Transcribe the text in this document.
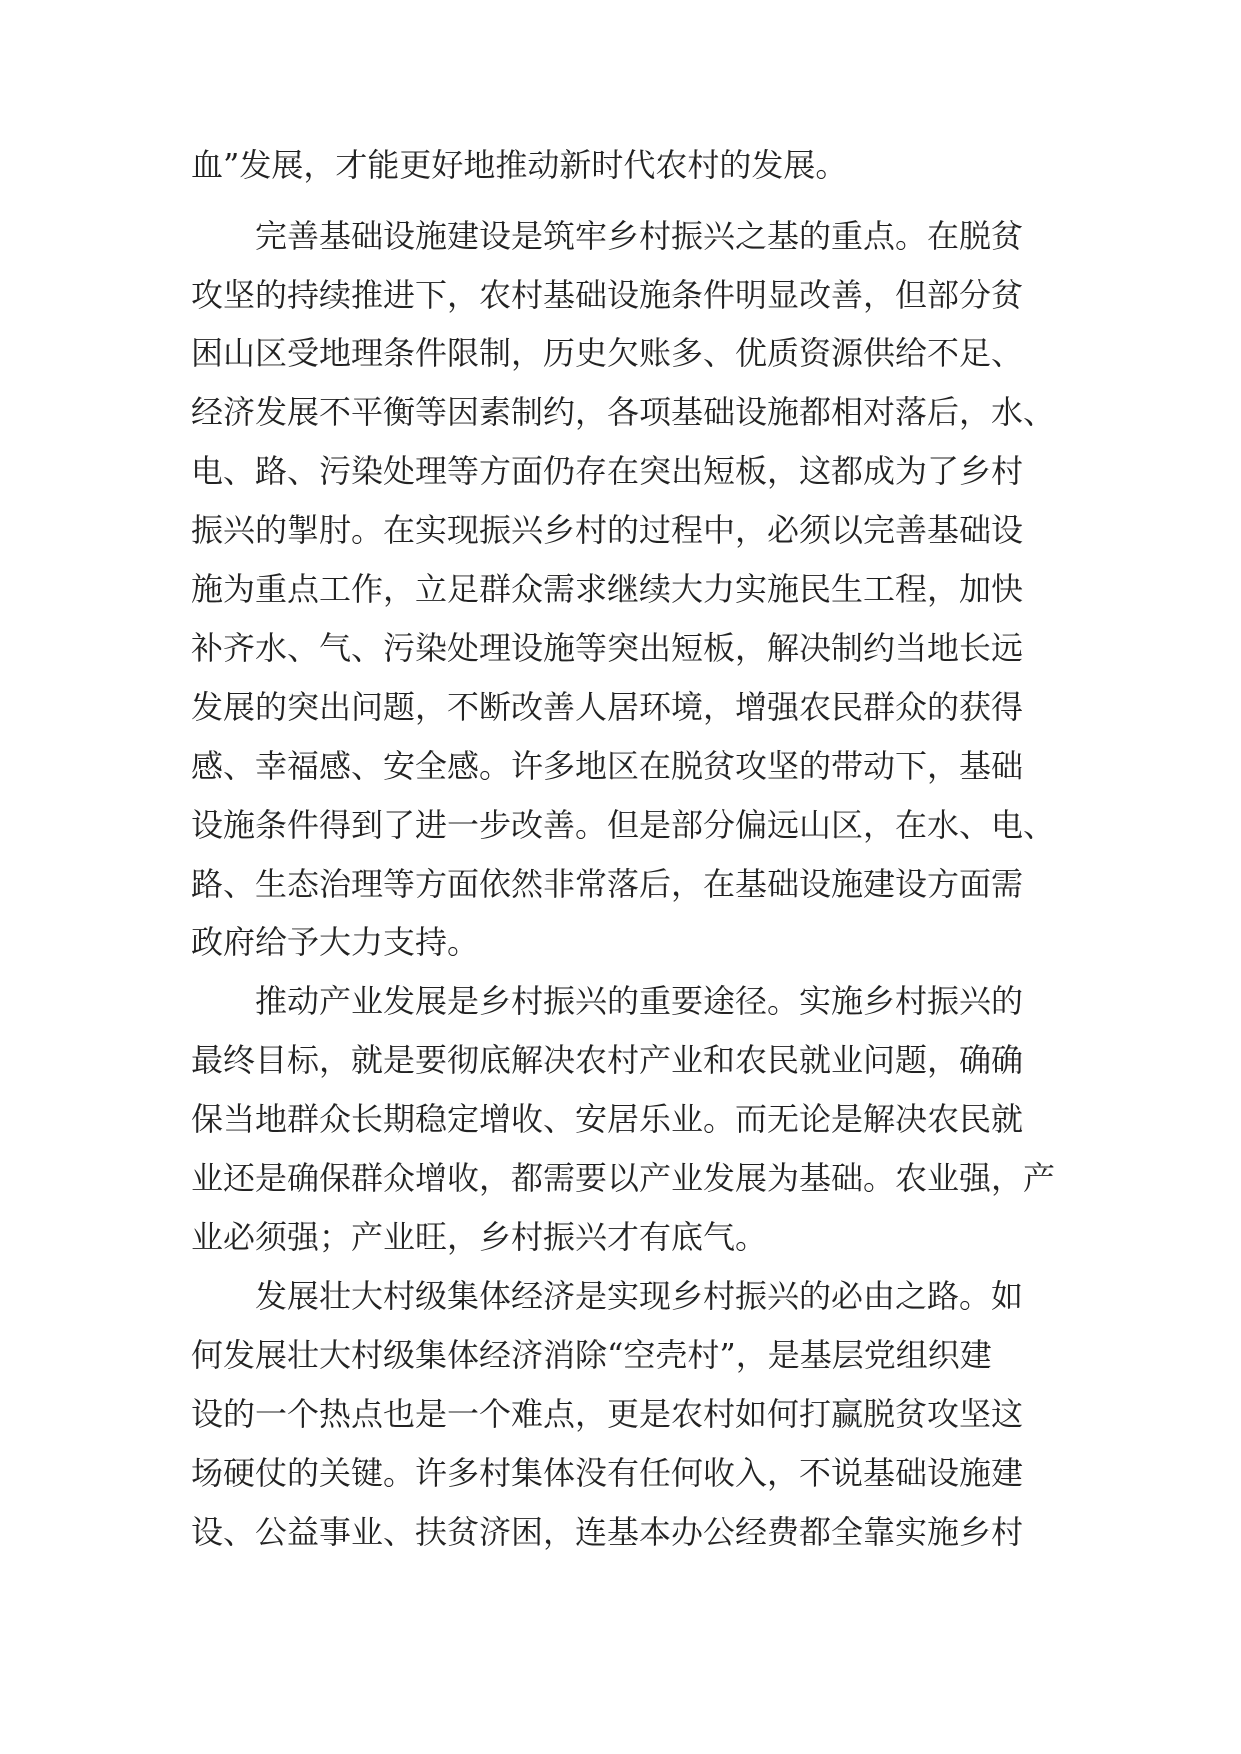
血”发展，才能更好地推动新时代农村的发展。

　　完善基础设施建设是筑牢乡村振兴之基的重点。在脱贫

攻坚的持续推进下，农村基础设施条件明显改善，但部分贫

困山区受地理条件限制，历史欠账多、优质资源供给不足、

经济发展不平衡等因素制约，各项基础设施都相对落后，水、

电、路、污染处理等方面仍存在突出短板，这都成为了乡村

振兴的掣肘。在实现振兴乡村的过程中，必须以完善基础设

施为重点工作，立足群众需求继续大力实施民生工程，加快

补齐水、气、污染处理设施等突出短板，解决制约当地长远

发展的突出问题，不断改善人居环境，增强农民群众的获得

感、幸福感、安全感。许多地区在脱贫攻坚的带动下，基础

设施条件得到了进一步改善。但是部分偏远山区，在水、电、

路、生态治理等方面依然非常落后，在基础设施建设方面需

政府给予大力支持。

　　推动产业发展是乡村振兴的重要途径。实施乡村振兴的

最终目标，就是要彻底解决农村产业和农民就业问题，确确

保当地群众长期稳定增收、安居乐业。而无论是解决农民就

业还是确保群众增收，都需要以产业发展为基础。农业强，产

业必须强；产业旺，乡村振兴才有底气。

　　发展壮大村级集体经济是实现乡村振兴的必由之路。如

何发展壮大村级集体经济消除“空壳村”，是基层党组织建

设的一个热点也是一个难点，更是农村如何打赢脱贫攻坚这

场硬仗的关键。许多村集体没有任何收入，不说基础设施建

设、公益事业、扶贫济困，连基本办公经费都全靠实施乡村
